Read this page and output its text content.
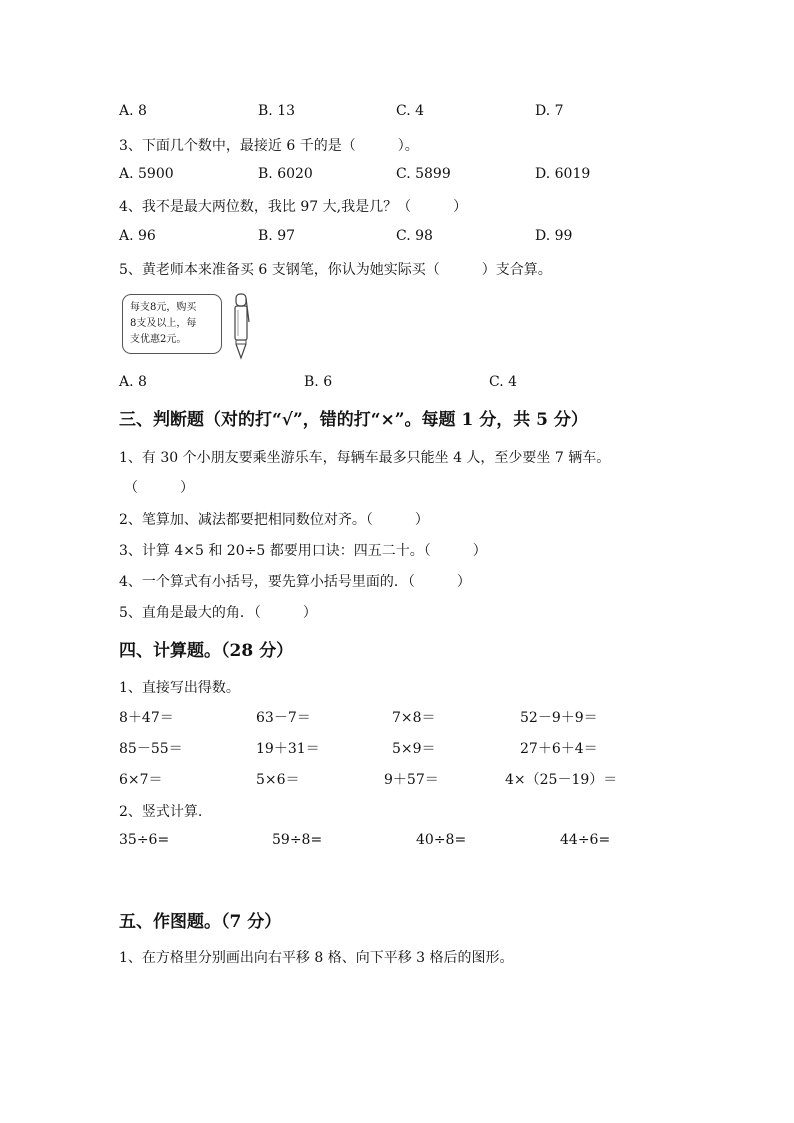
A. 8	B. 13	C. 4	D. 7
3、下面几个数中，最接近 6 千的是（　　　）。
A. 5900	B. 6020	C. 5899	D. 6019
4、我不是最大两位数，我比 97 大,我是几？（　　　）
A. 96	B. 97	C. 98	D. 99
5、黄老师本来准备买 6 支钢笔，你认为她实际买（　　　）支合算。
每支8元，购买
8支及以上，每
支优惠2元。
A. 8	B. 6	C. 4
三、判断题（对的打“√”，错的打“×”。每题 1 分，共 5 分）
1、有 30 个小朋友要乘坐游乐车，每辆车最多只能坐 4 人，至少要坐 7 辆车。
（　　　）
2、笔算加、减法都要把相同数位对齐。（　　　）
3、计算 4×5 和 20÷5 都要用口诀：四五二十。（　　　）
4、一个算式有小括号，要先算小括号里面的．（　　　）
5、直角是最大的角．（　　　）
四、计算题。（28 分）
1、直接写出得数。
8＋47＝	63－7＝	7×8＝	52－9＋9＝
85－55＝	19＋31＝	5×9＝	27＋6＋4＝
6×7＝	5×6＝	9＋57＝	4×（25－19）＝
2、竖式计算.
35÷6=	59÷8=	40÷8=	44÷6=
五、作图题。（7 分）
1、在方格里分别画出向右平移 8 格、向下平移 3 格后的图形。
